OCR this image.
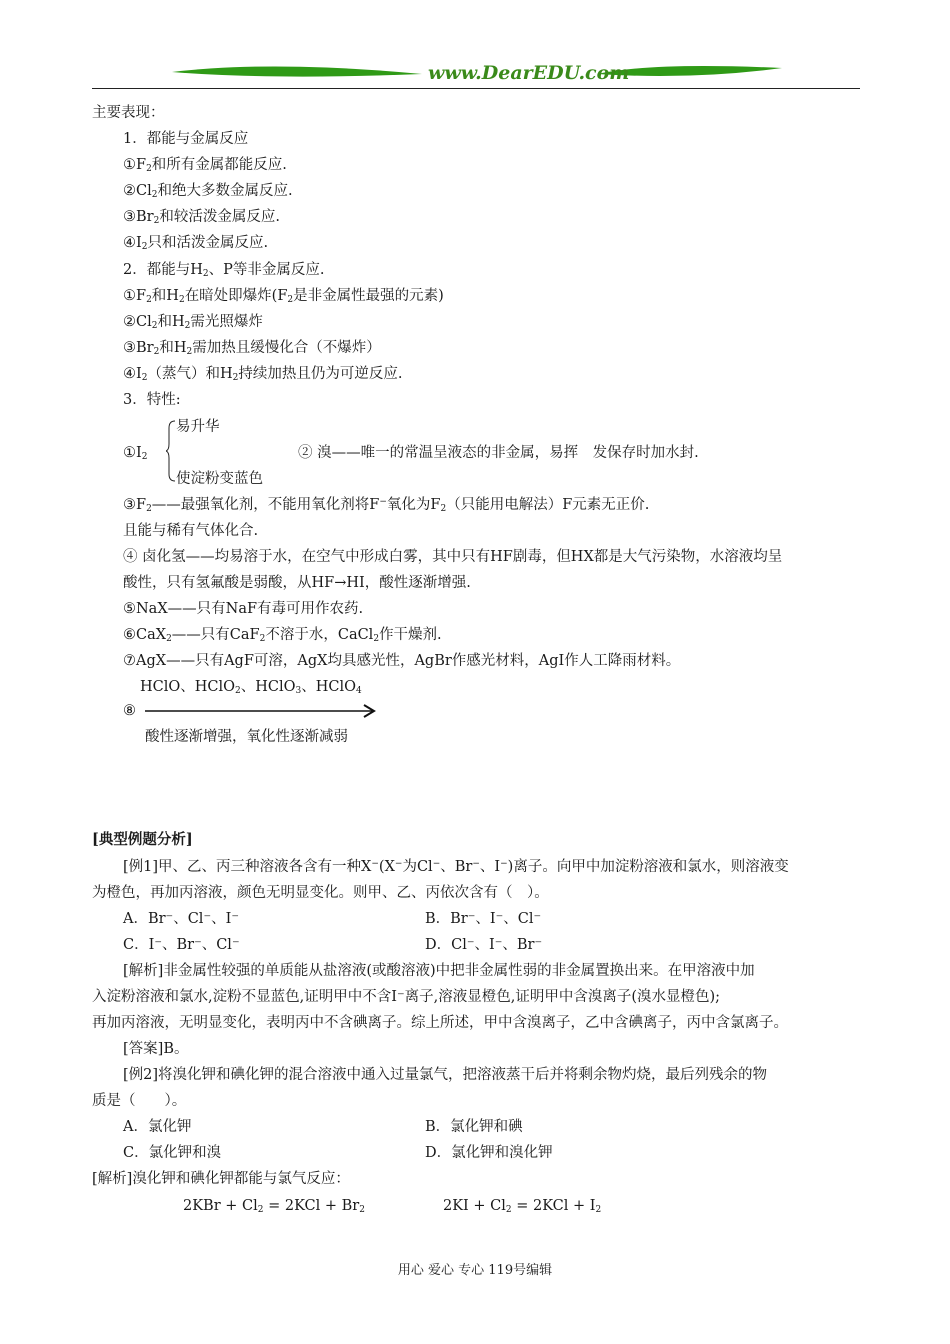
www.DearEDU.com
主要表现：
1．都能与金属反应
$①F_2$和所有金属都能反应.
$②Cl_2$和绝大多数金属反应.
$③Br_2$和较活泼金属反应.
$④I_2$只和活泼金属反应.
2．都能与$H_2$、P等非金属反应.
$①F_2$和$H_2$在暗处即爆炸($F_2$是非金属性最强的元素)
$②Cl_2$和$H_2$需光照爆炸
$③Br_2$和$H_2$需加热且缓慢化合（不爆炸）
$④I_2$（蒸气）和$H_2$持续加热且仍为可逆反应.
3．特性:
易升华
$①I_2$	② 溴——唯一的常温呈液态的非金属，易挥　发保存时加水封.
使淀粉变蓝色
$③F_2——$最强氧化剂，不能用氧化剂将F−氧化为$F_2$（只能用电解法）F元素无正价.
且能与稀有气体化合.
④ 卤化氢——均易溶于水，在空气中形成白雾，其中只有HF剧毒，但HX都是大气污染物，水溶液均呈
酸性，只有氢氟酸是弱酸，从HF→HI，酸性逐渐增强.
⑤NaX——只有NaF有毒可用作农药.
⑥CaX$_2$——只有CaF$_2$不溶于水，CaCl$_2$作干燥剂.
⑦AgX——只有AgF可溶，AgX均具感光性，AgBr作感光材料，AgI作人工降雨材料。
HClO、HClO$_2$、HClO$_3$、HClO$_4$
⑧
酸性逐渐增强，氧化性逐渐减弱
[典型例题分析]
[例1]甲、乙、丙三种溶液各含有一种X−(X−为Cl−、Br−、I−)离子。向甲中加淀粉溶液和氯水，则溶液变
为橙色，再加丙溶液，颜色无明显变化。则甲、乙、丙依次含有（　）。
A．Br⁻、Cl⁻、I⁻	B．Br⁻、I⁻、Cl⁻
C．I⁻、Br⁻、Cl⁻	D．Cl⁻、I⁻、Br⁻
[解析]非金属性较强的单质能从盐溶液(或酸溶液)中把非金属性弱的非金属置换出来。在甲溶液中加
入淀粉溶液和氯水,淀粉不显蓝色,证明甲中不含I⁻离子,溶液显橙色,证明甲中含溴离子(溴水显橙色);
再加丙溶液，无明显变化，表明丙中不含碘离子。综上所述，甲中含溴离子，乙中含碘离子，丙中含氯离子。
[答案]B。
[例2]将溴化钾和碘化钾的混合溶液中通入过量氯气，把溶液蒸干后并将剩余物灼烧，最后列残余的物
质是（　　）。
A．氯化钾	B．氯化钾和碘
C．氯化钾和溴	D．氯化钾和溴化钾
[解析]溴化钾和碘化钾都能与氯气反应：
$2KBr + Cl_2 = 2KCl + Br_2$	$2KI + Cl_2 = 2KCl + I_2$
用心 爱心 专心 119号编辑
